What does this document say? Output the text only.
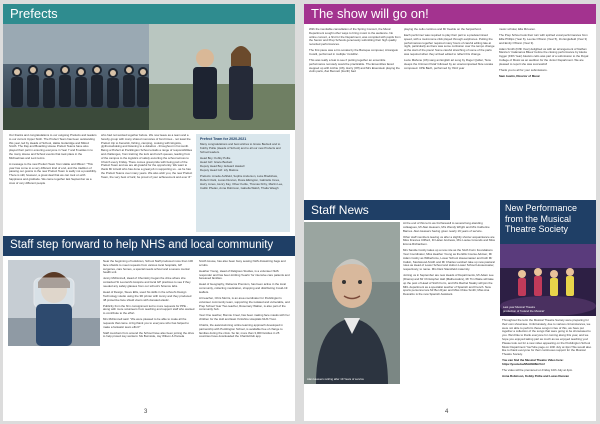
Prefects

Our thanks and congratulations to our outgoing Prefects and leaders to our current Upper Sixth. The Prefect Team has been outstanding this year, led by Heads of School, Hattie Gutteridge and Milosz Smith. The Day and Boarding House Prefect Teams have also played their part in ensuring everyone in Year 7 and 8 settles in to the many House and School events that took place in the Michaelmas and Lent terms.

A message to the new Prefect Team from Hattie and Milosz: "This year has come to a very different kind of end, and the tradition of passing our gowns to the new Prefect Team is sadly not a possibility. There is still, however, a great deal that we can look on with happiness and gratitude. We came together last September as a crew of very different people

who had not worked together before. We now leave as a team and a hereby group with many shared memories of fond times - not least the Prefect trip to Kenwick, fishing, camping, cooking with kingsize, glythorowkoking and listening to a dukebox - throughout in hot sunlit. Being a Prefect at Pocklington School entails a range of responsibilities and challenges, from training the tuck and lunch queues, leading from of the campus to the logistics of safely escorting the school across to Church every Friday. There comes great pride with being part of the Prefect Team and we are all grateful for the opportunity. We want to thank Mr Arnold who has done a great job in supporting us - as he has the Prefect Teams over many years. We also wish you, the new Prefect Team, the very best of luck; be proud of your achievement and ever it!"

Prefect Team for 2020-2021

Many congratulations and best wishes to Grace Beckett and to Kobby Pollie (Heads of School) and to all our new Prefects and School leaders.

Head Boy: Kobby Pollie

Head Girl: Grace Beckett

Deputy Head Boy: Edward Haskell

Deputy Head Girl: Lily Malone

Prefects: Amelie Ashfield, Sophie Anderson, Luke Bradshaw, Robert Clark, Lucas Duncan, Rosie Elkington, Gabrielle Innes, Harry Jones, Henry Kay, Oliver Kettle, Thomas Kirby, Martin Lee, Caitlin Phelan, Anna Robinson, Isabella Walsh, Thalia Waugh

Staff step forward to help NHS and local community

Near the beginning of lockdown, School Staff produced more than 100 face shields to meet requests from various local hospitals, GP surgeries, care homes, a special needs school and a severe mental health unit.

Jenny McDonnell, Head of Chemistry began the drive where she contacted St Leonard's Hospice and local GP practices to see if they needed any safety glasses from our school's Science labs.

Head of Design, Steve Ellis, used his skills in the school's Design Technology studio using the 3D printer with Jenny and they produced 48 protective face shield visors with donated elastic.

Publicity from the firm consignment led to more requests for PPE - along with more volunteers from teaching and support staff who wanted to contribute to the effort.

Mrs McDonnell said: "We were pleased to be able to make all the requests that came. A big thank you to everyone who has helped to make a fantastic team effort!"

Staff members from around the School have also been joining the drive to help protect key workers: Ms Burnside, Jay Wilson & Pamela

Smith House, has also been busy sewing NHS drawstring bags and scrubs.

Heather Young, Head of Religious Studies, is a volunteer NHS responder and has been knitting 'hearts' for intensive care patients and bereaved families.

Head of Geography, Rebecca Premium, has been active in the local community, collecting medication, shopping and distributing Covid-19 leaflets.

Art teacher, Chris Morris, is an area coordinator for Pocklington's volunteer community team, supporting the isolated and vulnerable, and Prep School Year Two teacher, Rosemary Walton, is also part of the community hub.

Year One teacher, Bonnie Creel, has been making face masks with her children for the Hull and East Yorkshire Hospitals NHS Trust.

Chartis, the award-winning online learning approach developed in partnership with Pocklington School, is available free of charge to families during the crisis. So far, more than 3,000 families in 25 countries have downloaded the ChartisClub app.

3
The show will go on!

With the inevitable cancellation of the Spring Concert, the Music Department sought other ways to bring music to the audience. No online concert, a first for the Department, was compiled with pupils from the Senior and Prep Schools generously submitting their high quality recorded performances.

The first piece was a trio sonata by the Baroque composer, Arcangelo Corelli, performed in multiple 'invisible'.

This was really a feat to see if putting together an ensemble performance remotely would be practicable. The Ensembles faced stepped up with Archie (U6), Harry (Off) and Mrs Eisenstein playing the violin parts, Zac Bennett (fourth) bad

playing the cello continuo and Mr Keeble on the harpsichord.

Each performer was required to play their part to a predetermined speed, with a metronome click played through earphones. Putting the performances together required many hours of careful editing late at night, particularly as there was some confusion over the tempo change at the start of the piece! Some careful stretching of some of the parts was required when they arrived edited to reflect this change.

Lucie Mahone (U6) sang an English art song by Roger Quilter, 'Now sleeps the Crimson Petal' followed by an unaccompanied flute sonata composed. CPE Bach, performed by 'third year

music scholar, Ella McLaren.

The Prep School took their turn with spirited vocal performances from Ellie Phillips (Year 6), Leonie O'Dann (Year 5), Iris Englefield (Year 3) and Emily O'Dann (Year 3).

Adam Smith (Fifth Year) delighted us with an arrangement of Nathan Manrie's 'Calamaros Blues' before the closing performance by Alexia Ingger (Fifth Year) Alexia's cello was part of a submission to the Royal College of Music as an audition for the Junior Department. We are pleased to report she was successful!

Thank you to all for your submissions.

Sam Austin, Director of Music

Staff News
Alan Heavers retiring after 19 Years of service

At the end of this term we bid farewell to several long-standing colleagues, Mr Alan Heavers, Mrs Wendy Wright and Mrs Catherine Barnes. Alan Heavers having given nearly 19 years of service.

Other staff members leaving us after a slightly shorter acquaintance are Miss Frances Clifford, Dr Helen Andrews, Mrs Louise Grounds and Miss Emma Richardson.

Mrs Sandie Cosby takes up a new role as the Sixth Form Foundations Year Coordinator, Miss Heather Young as the Ellis Course Adviser, Mr Adam Cosby as Wilberforce, Lower School Housemaster and both Mr Catkin, Stockwood-Smith and Mr Charles Lambert take up new pastoral roles as Head of Lower School and Hutton Lower School Housemaster, respectively, to name. Mrs Dani Stansfield maternity.

Joining us in September are new Heads of Departments, Mr Adam Lee (Drama) and Mr Christopher Hall (Mathematics), Mr Tim Waite will take up the post of Head of Sixth Form, and Mrs Rachel Swaby will join the MFL department as a specialist teacher of Spanish and French. New sports personnel are Mr Ben Ryan and Miss Chloe Smith; Miss Ana Descalzo is the new Spanish Assistant.

New Performance from the Musical Theatre Society
Last year Musical Theatre
production of 'Ireland the Musical'

Throughout the term the Musical Theatre Society were preparing for their own showcase. Unfortunately, due to various circumstances, we were not able to perform these songs in lieu of this, we have put together a collection of the songs that were going to be showcased to you. We'd like to thank everyone for coming along this year, and we hope you enjoyed taking part as much as we enjoyed teaching you! Please look out for a new video appearing on the Pocklington School Music Department YouTube page on 10th July at 4pm! We would also like to thank everyone for their continuous support for the Musical Theatre Society.

You can find the Musical Theatre Video here: https://youtu.be/Msb8Ht8mVsU

The video will be premiered on Friday 10th July at 4pm.

Anna Robinson, Kobby Pollie and Lucas Duncan

4
